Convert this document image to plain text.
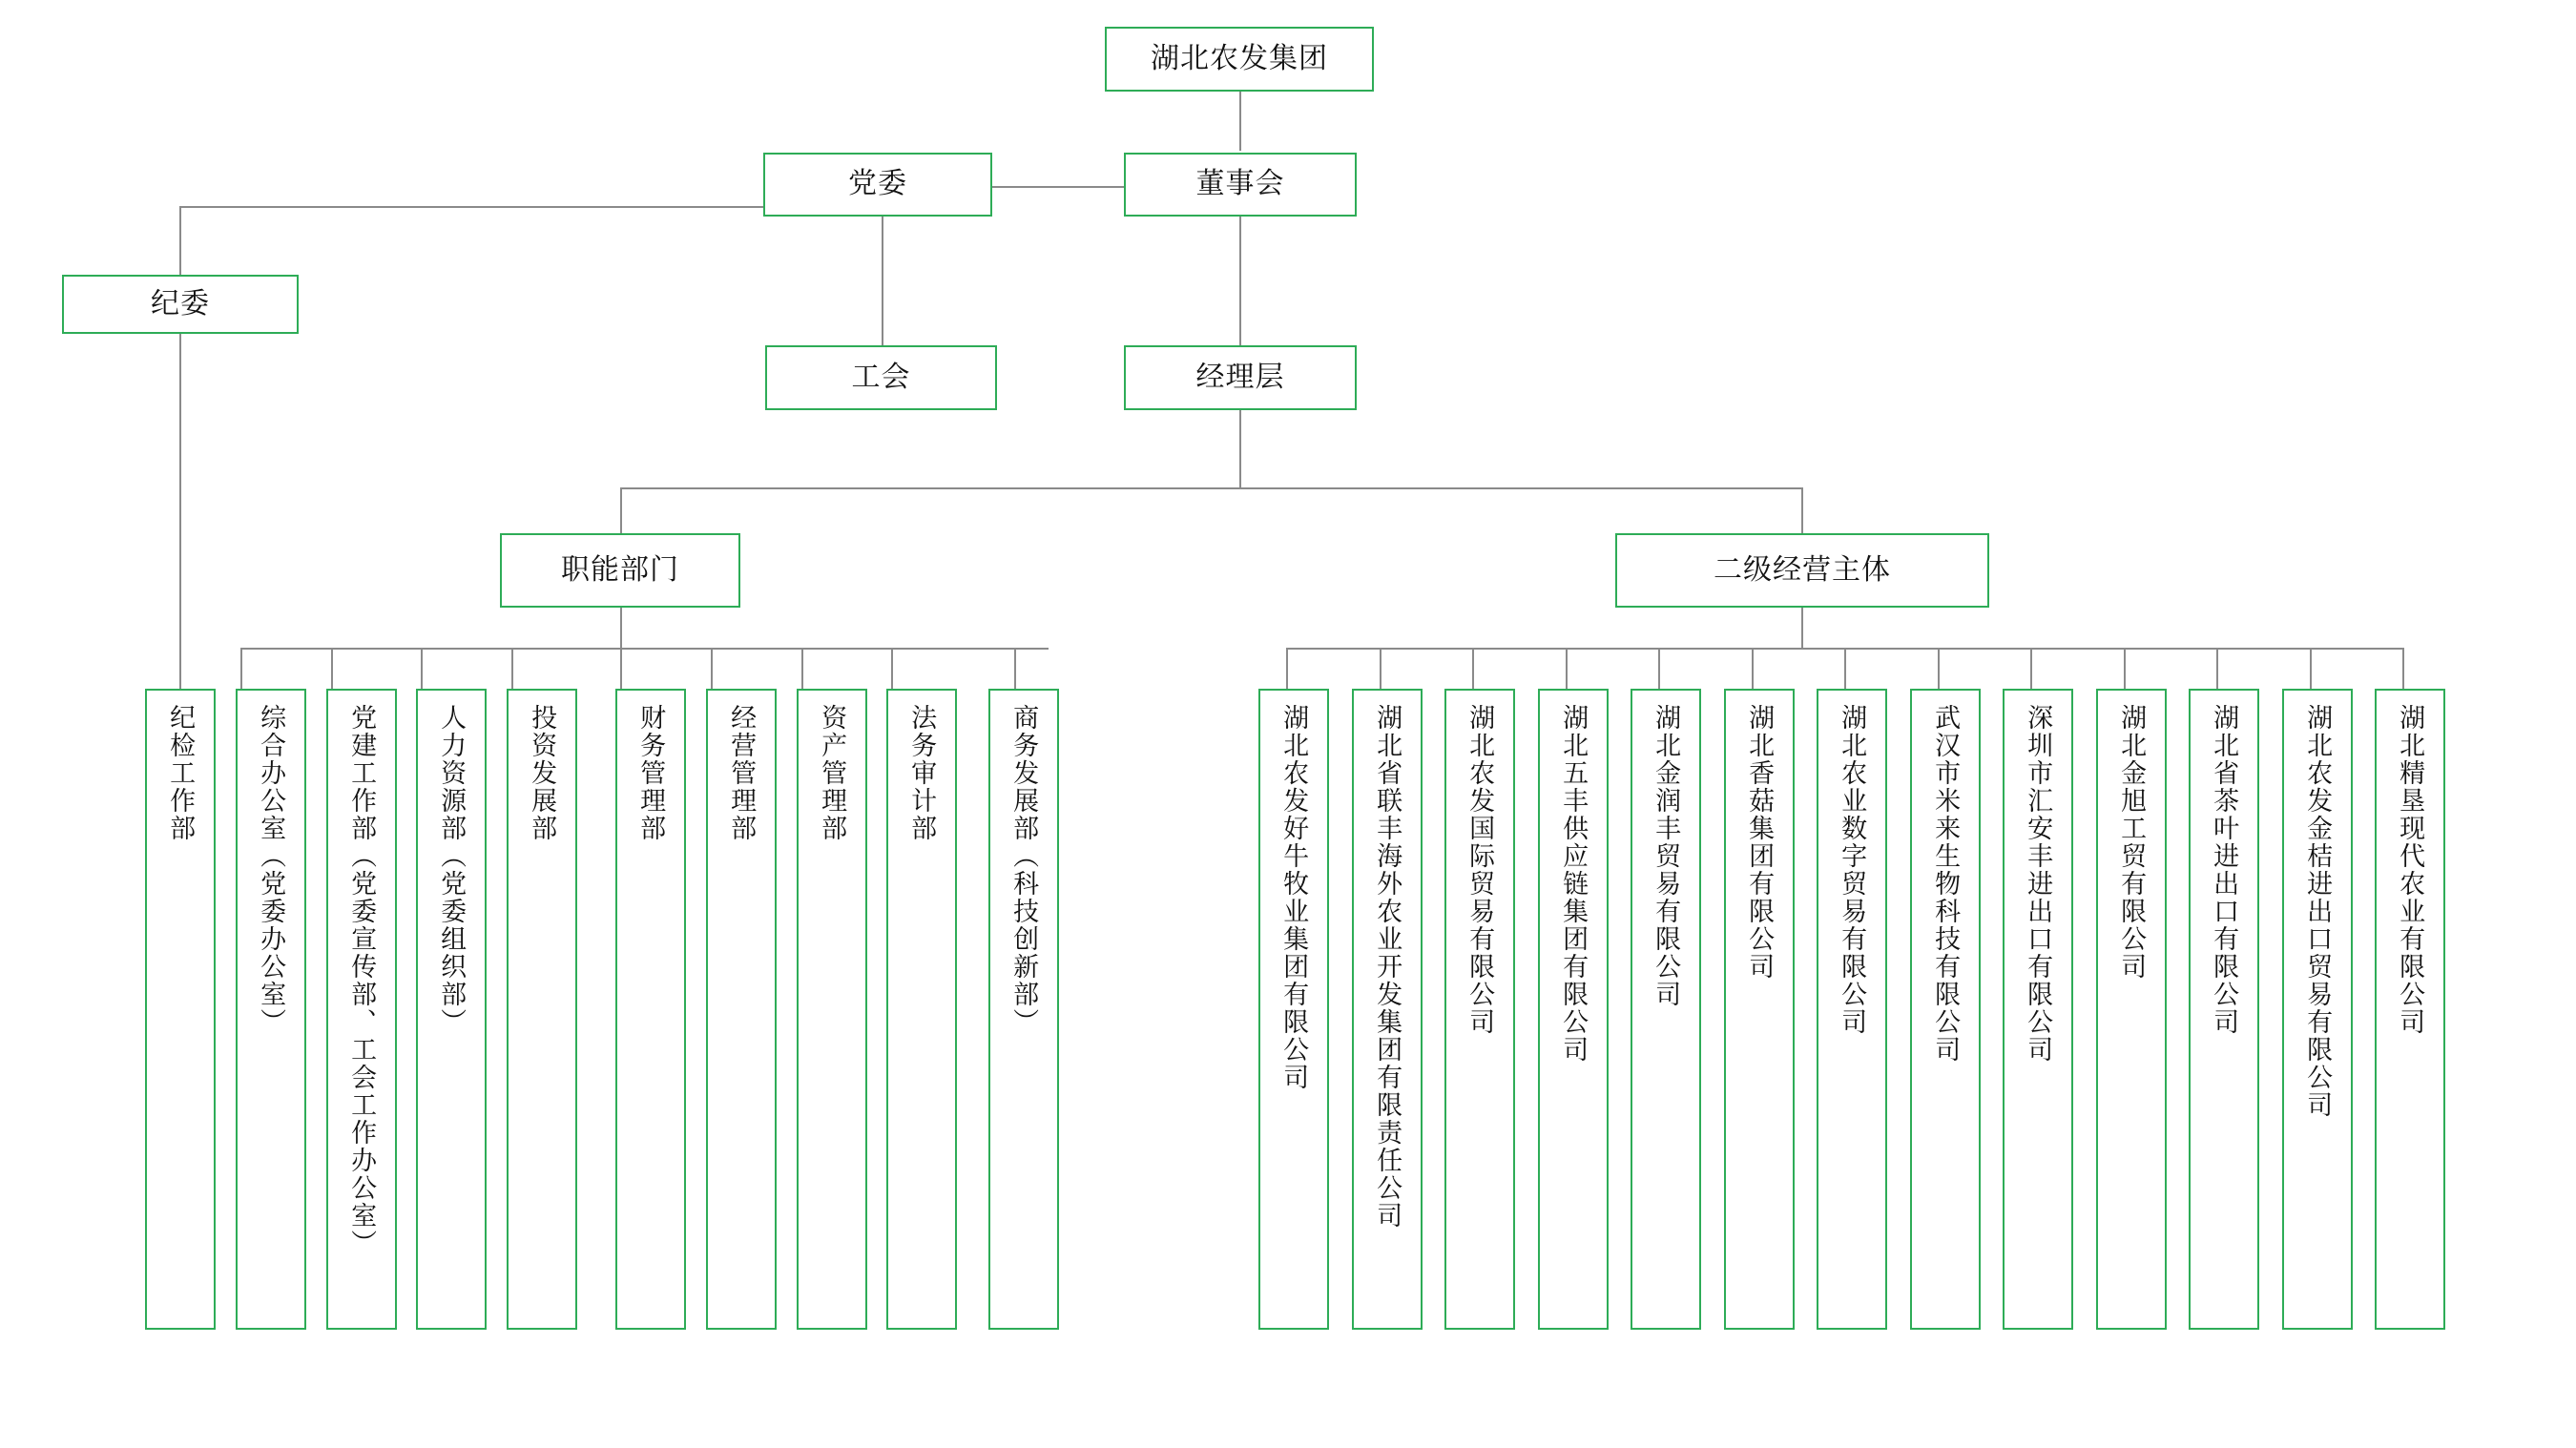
湖北农发集团
党委	董事会
纪委
工会	经理层
职能部门	二级经营主体
纪检工作部	综合办公室（党委办公室）	党建工作部（党委宣传部、工会工作办公室）	人力资源部（党委组织部）	投资发展部	财务管理部	经营管理部	资产管理部	法务审计部	商务发展部（科技创新部）	湖北农发好牛牧业集团有限公司	湖北省联丰海外农业开发集团有限责任公司	湖北农发国际贸易有限公司	湖北五丰供应链集团有限公司	湖北金润丰贸易有限公司	湖北香菇集团有限公司	湖北农业数字贸易有限公司	武汉市米来生物科技有限公司	深圳市汇安丰进出口有限公司	湖北金旭工贸有限公司	湖北省茶叶进出口有限公司	湖北农发金桔进出口贸易有限公司	湖北精垦现代农业有限公司
